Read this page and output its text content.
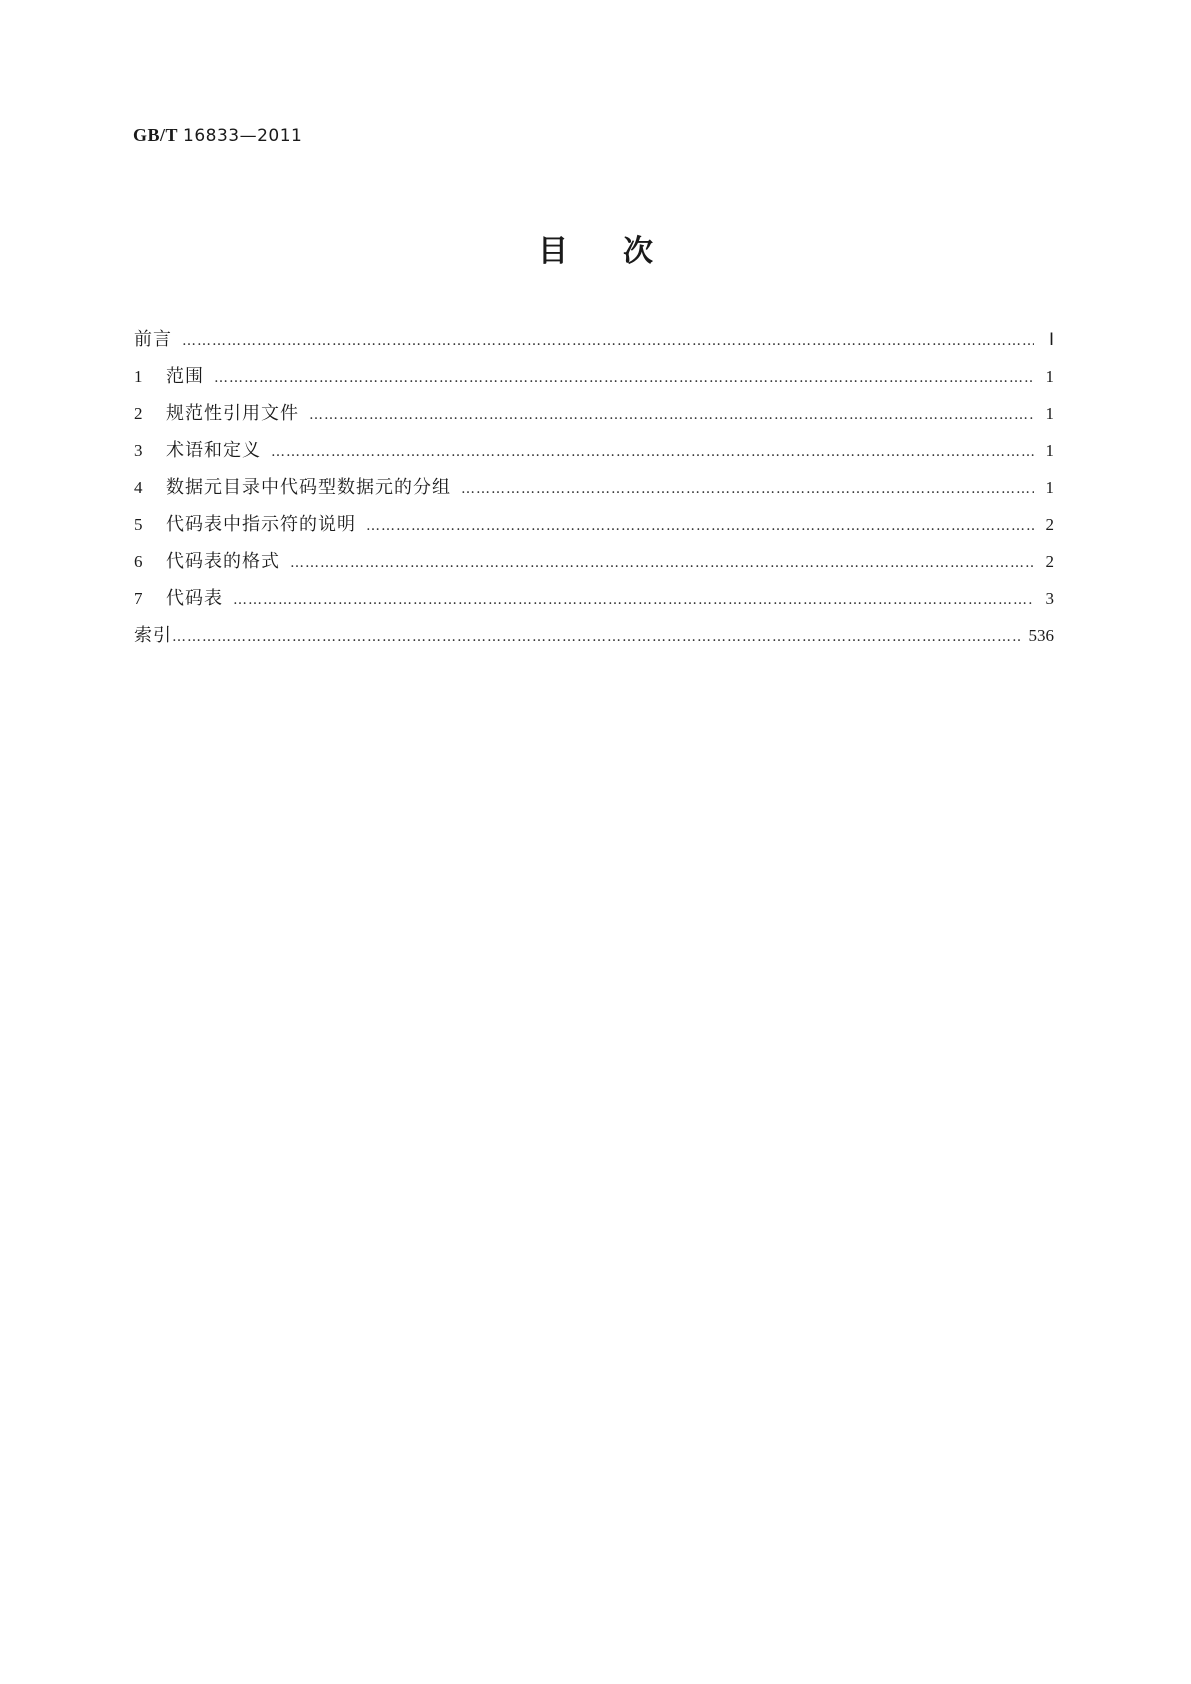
GB/T 16833—2011
目次
前言 ……………………………………………………………………………………………………………………………………………………………………………………………………………………………………………………	Ⅰ
1	范围 ……………………………………………………………………………………………………………………………………………………………………………………………………………………………………………………	1
2	规范性引用文件 ……………………………………………………………………………………………………………………………………………………………………………………………………………………………………………………	1
3	术语和定义 ……………………………………………………………………………………………………………………………………………………………………………………………………………………………………………………	1
4	数据元目录中代码型数据元的分组 ……………………………………………………………………………………………………………………………………………………………………………………………………………………………………………………	1
5	代码表中指示符的说明 ……………………………………………………………………………………………………………………………………………………………………………………………………………………………………………………	2
6	代码表的格式 ……………………………………………………………………………………………………………………………………………………………………………………………………………………………………………………	2
7	代码表 ……………………………………………………………………………………………………………………………………………………………………………………………………………………………………………………	3
索引 ……………………………………………………………………………………………………………………………………………………………………………………………………………………………………………………	536
